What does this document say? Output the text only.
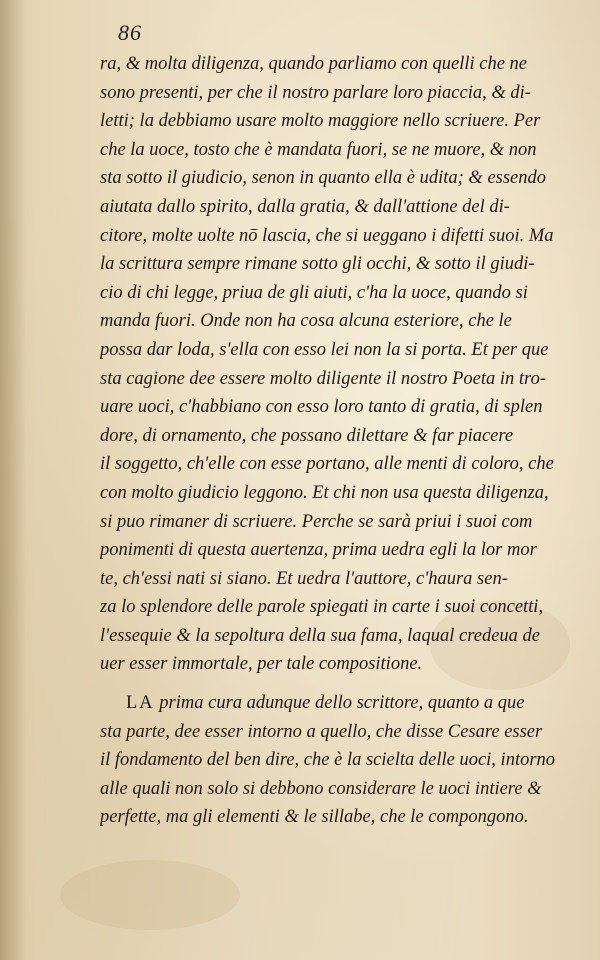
86
ra, & molta diligenza, quando parliamo con quelli che ne
sono presenti, per che il nostro parlare loro piaccia, & di-
letti; la debbiamo usare molto maggiore nello scriuere. Per
che la uoce, tosto che è mandata fuori, se ne muore, & non
sta sotto il giudicio, senon in quanto ella è udita; & essendo
aiutata dallo spirito, dalla gratia, & dall'attione del di-
citore, molte uolte nō lascia, che si ueggano i difetti suoi. Ma
la scrittura sempre rimane sotto gli occhi, & sotto il giudi-
cio di chi legge, priua de gli aiuti, c'ha la uoce, quando si
manda fuori. Onde non ha cosa alcuna esteriore, che le
possa dar loda, s'ella con esso lei non la si porta. Et per que
sta cagione dee essere molto diligente il nostro Poeta in tro-
uare uoci, c'habbiano con esso loro tanto di gratia, di splen
dore, di ornamento, che possano dilettare & far piacere
il soggetto, ch'elle con esse portano, alle menti di coloro, che
con molto giudicio leggono. Et chi non usa questa diligenza,
si puo rimaner di scriuere. Perche se sarà priui i suoi com
ponimenti di questa auertenza, prima uedra egli la lor mor
te, ch'essi nati si siano. Et uedra l'auttore, c'haura sen-
za lo splendore delle parole spiegati in carte i suoi concetti,
l'essequie & la sepoltura della sua fama, laqual credeua de
uer esser immortale, per tale compositione.
LA prima cura adunque dello scrittore, quanto a que
sta parte, dee esser intorno a quello, che disse Cesare esser
il fondamento del ben dire, che è la scielta delle uoci, intorno
alle quali non solo si debbono considerare le uoci intiere &
perfette, ma gli elementi & le sillabe, che le compongono.
